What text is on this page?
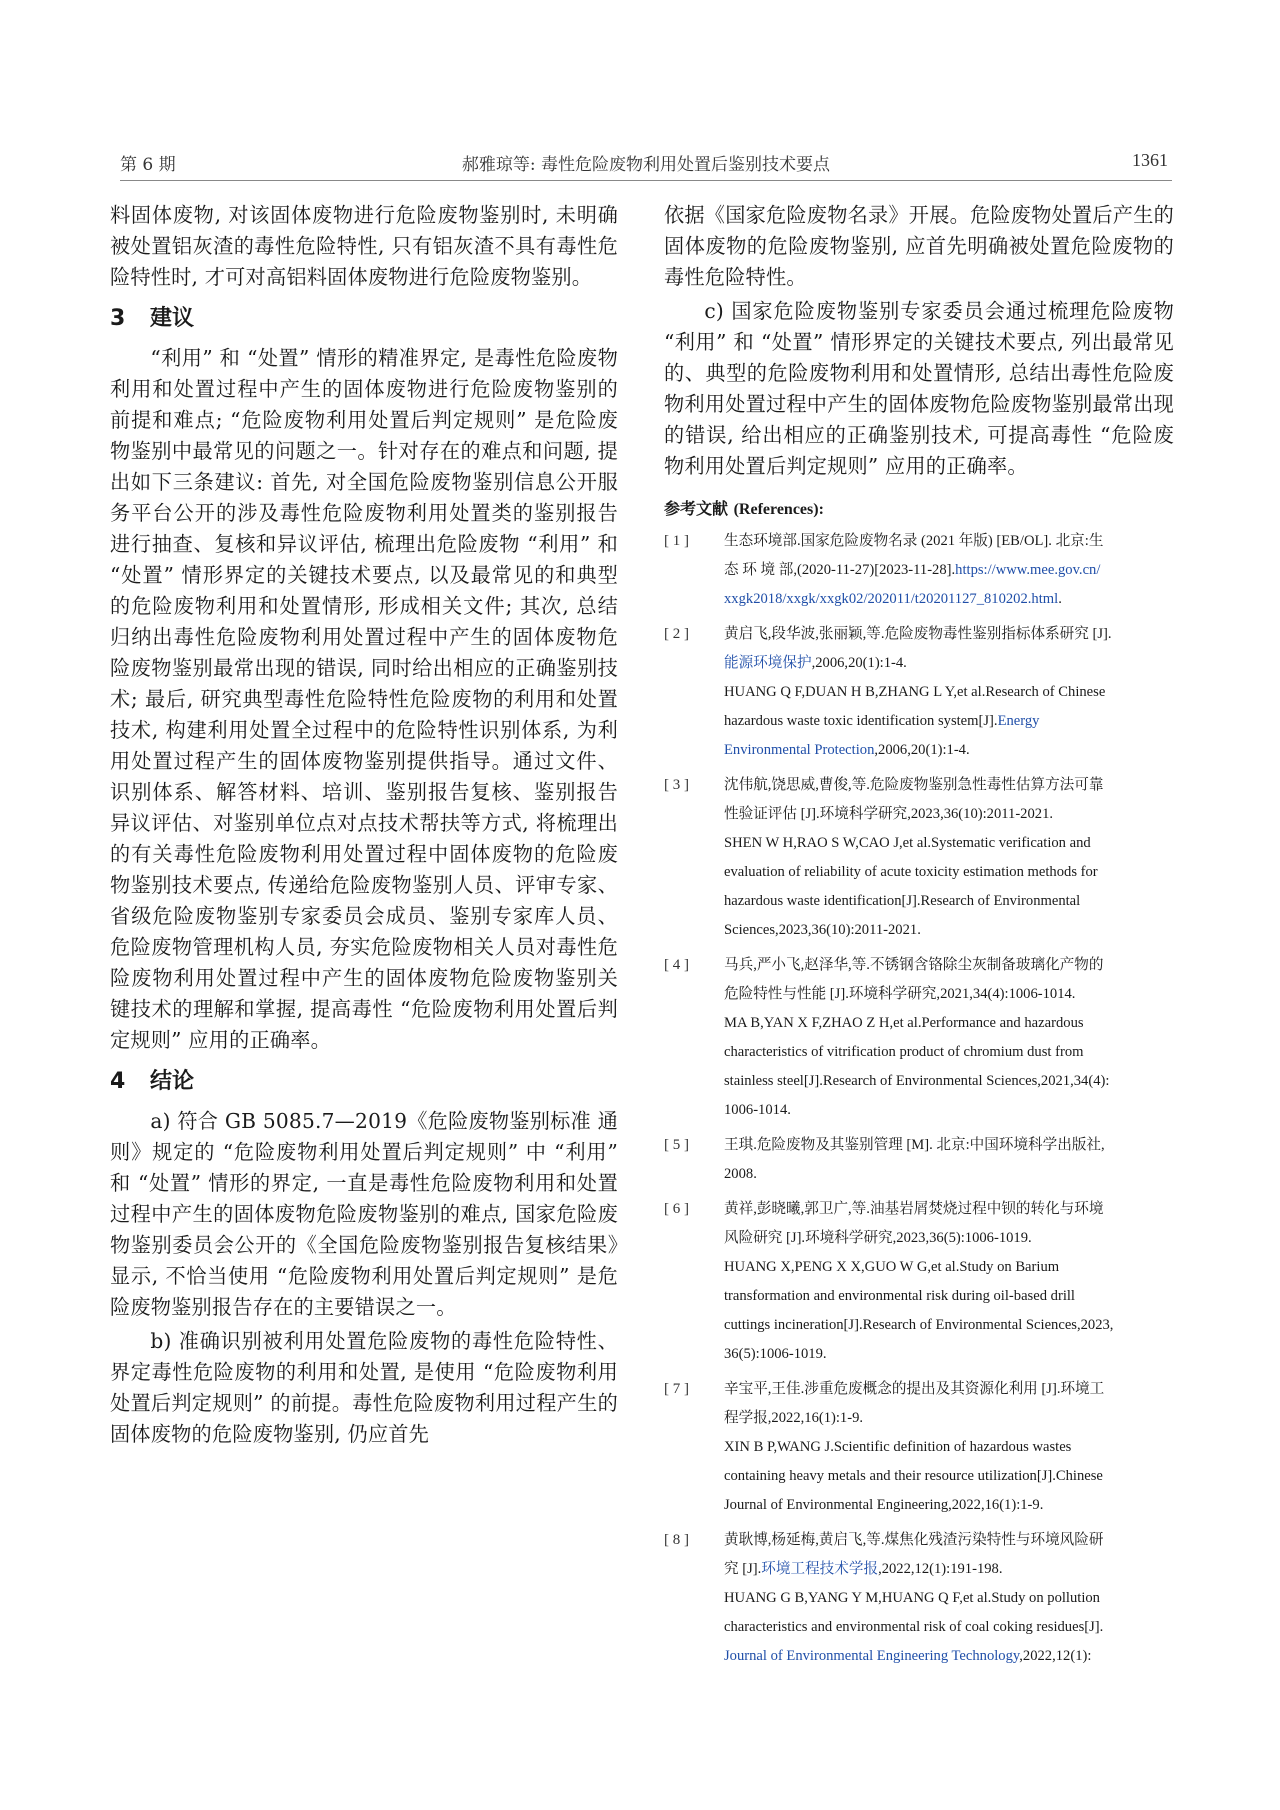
第 6 期	郝雅琼等: 毒性危险废物利用处置后鉴别技术要点	1361

料固体废物, 对该固体废物进行危险废物鉴别时, 未明确被处置铝灰渣的毒性危险特性, 只有铝灰渣不具有毒性危险特性时, 才可对高铝料固体废物进行危险废物鉴别。

3 建议

“利用” 和 “处置” 情形的精准界定, 是毒性危险废物利用和处置过程中产生的固体废物进行危险废物鉴别的前提和难点; “危险废物利用处置后判定规则” 是危险废物鉴别中最常见的问题之一。针对存在的难点和问题, 提出如下三条建议: 首先, 对全国危险废物鉴别信息公开服务平台公开的涉及毒性危险废物利用处置类的鉴别报告进行抽查、复核和异议评估, 梳理出危险废物 “利用” 和 “处置” 情形界定的关键技术要点, 以及最常见的和典型的危险废物利用和处置情形, 形成相关文件; 其次, 总结归纳出毒性危险废物利用处置过程中产生的固体废物危险废物鉴别最常出现的错误, 同时给出相应的正确鉴别技术; 最后, 研究典型毒性危险特性危险废物的利用和处置技术, 构建利用处置全过程中的危险特性识别体系, 为利用处置过程产生的固体废物鉴别提供指导。通过文件、识别体系、解答材料、培训、鉴别报告复核、鉴别报告异议评估、对鉴别单位点对点技术帮扶等方式, 将梳理出的有关毒性危险废物利用处置过程中固体废物的危险废物鉴别技术要点, 传递给危险废物鉴别人员、评审专家、省级危险废物鉴别专家委员会成员、鉴别专家库人员、危险废物管理机构人员, 夯实危险废物相关人员对毒性危险废物利用处置过程中产生的固体废物危险废物鉴别关键技术的理解和掌握, 提高毒性 “危险废物利用处置后判定规则” 应用的正确率。

4 结论

a) 符合 GB 5085.7—2019《危险废物鉴别标准 通则》规定的 “危险废物利用处置后判定规则” 中 “利用” 和 “处置” 情形的界定, 一直是毒性危险废物利用和处置过程中产生的固体废物危险废物鉴别的难点, 国家危险废物鉴别委员会公开的《全国危险废物鉴别报告复核结果》显示, 不恰当使用 “危险废物利用处置后判定规则” 是危险废物鉴别报告存在的主要错误之一。

b) 准确识别被利用处置危险废物的毒性危险特性、界定毒性危险废物的利用和处置, 是使用 “危险废物利用处置后判定规则” 的前提。毒性危险废物利用过程产生的固体废物的危险废物鉴别, 仍应首先

依据《国家危险废物名录》开展。危险废物处置后产生的固体废物的危险废物鉴别, 应首先明确被处置危险废物的毒性危险特性。

c) 国家危险废物鉴别专家委员会通过梳理危险废物 “利用” 和 “处置” 情形界定的关键技术要点, 列出最常见的、典型的危险废物利用和处置情形, 总结出毒性危险废物利用处置过程中产生的固体废物危险废物鉴别最常出现的错误, 给出相应的正确鉴别技术, 可提高毒性 “危险废物利用处置后判定规则” 应用的正确率。

参考文献 (References):
[ 1 ] 生态环境部.国家危险废物名录 (2021 年版) [EB/OL]. 北京:生
态 环 境 部,(2020-11-27)[2023-11-28].https://www.mee.gov.cn/
xxgk2018/xxgk/xxgk02/202011/t20201127_810202.html.
[ 2 ] 黄启飞,段华波,张丽颖,等.危险废物毒性鉴别指标体系研究 [J].
能源环境保护,2006,20(1):1-4.
HUANG Q F,DUAN H B,ZHANG L Y,et al.Research of Chinese
hazardous waste toxic identification system[J].Energy
Environmental Protection,2006,20(1):1-4.
[ 3 ] 沈伟航,饶思威,曹俊,等.危险废物鉴别急性毒性估算方法可靠
性验证评估 [J].环境科学研究,2023,36(10):2011-2021.
SHEN W H,RAO S W,CAO J,et al.Systematic verification and
evaluation of reliability of acute toxicity estimation methods for
hazardous waste identification[J].Research of Environmental
Sciences,2023,36(10):2011-2021.
[ 4 ] 马兵,严小飞,赵泽华,等.不锈钢含铬除尘灰制备玻璃化产物的
危险特性与性能 [J].环境科学研究,2021,34(4):1006-1014.
MA B,YAN X F,ZHAO Z H,et al.Performance and hazardous
characteristics of vitrification product of chromium dust from
stainless steel[J].Research of Environmental Sciences,2021,34(4):
1006-1014.
[ 5 ] 王琪.危险废物及其鉴别管理 [M]. 北京:中国环境科学出版社,
2008.
[ 6 ] 黄祥,彭晓曦,郭卫广,等.油基岩屑焚烧过程中钡的转化与环境
风险研究 [J].环境科学研究,2023,36(5):1006-1019.
HUANG X,PENG X X,GUO W G,et al.Study on Barium
transformation and environmental risk during oil-based drill
cuttings incineration[J].Research of Environmental Sciences,2023,
36(5):1006-1019.
[ 7 ] 辛宝平,王佳.涉重危废概念的提出及其资源化利用 [J].环境工
程学报,2022,16(1):1-9.
XIN B P,WANG J.Scientific definition of hazardous wastes
containing heavy metals and their resource utilization[J].Chinese
Journal of Environmental Engineering,2022,16(1):1-9.
[ 8 ] 黄耿博,杨延梅,黄启飞,等.煤焦化残渣污染特性与环境风险研
究 [J].环境工程技术学报,2022,12(1):191-198.
HUANG G B,YANG Y M,HUANG Q F,et al.Study on pollution
characteristics and environmental risk of coal coking residues[J].
Journal of Environmental Engineering Technology,2022,12(1):
